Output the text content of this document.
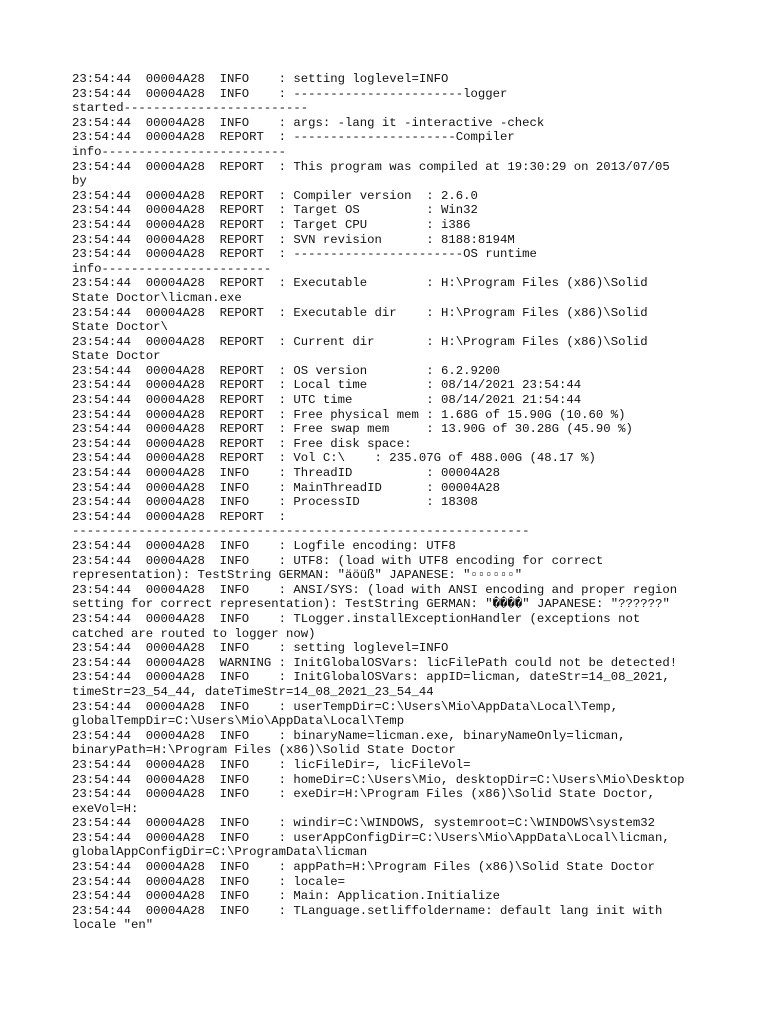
23:54:44  00004A28  INFO    : setting loglevel=INFO
23:54:44  00004A28  INFO    : -----------------------logger
started-------------------------
23:54:44  00004A28  INFO    : args: -lang it -interactive -check
23:54:44  00004A28  REPORT  : ----------------------Compiler
info-------------------------
23:54:44  00004A28  REPORT  : This program was compiled at 19:30:29 on 2013/07/05
by
23:54:44  00004A28  REPORT  : Compiler version  : 2.6.0
23:54:44  00004A28  REPORT  : Target OS         : Win32
23:54:44  00004A28  REPORT  : Target CPU        : i386
23:54:44  00004A28  REPORT  : SVN revision      : 8188:8194M
23:54:44  00004A28  REPORT  : -----------------------OS runtime
info-----------------------
23:54:44  00004A28  REPORT  : Executable        : H:\Program Files (x86)\Solid
State Doctor\licman.exe
23:54:44  00004A28  REPORT  : Executable dir    : H:\Program Files (x86)\Solid
State Doctor\
23:54:44  00004A28  REPORT  : Current dir       : H:\Program Files (x86)\Solid
State Doctor
23:54:44  00004A28  REPORT  : OS version        : 6.2.9200
23:54:44  00004A28  REPORT  : Local time        : 08/14/2021 23:54:44
23:54:44  00004A28  REPORT  : UTC time          : 08/14/2021 21:54:44
23:54:44  00004A28  REPORT  : Free physical mem : 1.68G of 15.90G (10.60 %)
23:54:44  00004A28  REPORT  : Free swap mem     : 13.90G of 30.28G (45.90 %)
23:54:44  00004A28  REPORT  : Free disk space:
23:54:44  00004A28  REPORT  : Vol C:\    : 235.07G of 488.00G (48.17 %)
23:54:44  00004A28  INFO    : ThreadID          : 00004A28
23:54:44  00004A28  INFO    : MainThreadID      : 00004A28
23:54:44  00004A28  INFO    : ProcessID         : 18308
23:54:44  00004A28  REPORT  :
--------------------------------------------------------------
23:54:44  00004A28  INFO    : Logfile encoding: UTF8
23:54:44  00004A28  INFO    : UTF8: (load with UTF8 encoding for correct
representation): TestString GERMAN: "äöüß" JAPANESE: "▫▫▫▫▫▫"
23:54:44  00004A28  INFO    : ANSI/SYS: (load with ANSI encoding and proper region
setting for correct representation): TestString GERMAN: "����" JAPANESE: "??????"
23:54:44  00004A28  INFO    : TLogger.installExceptionHandler (exceptions not
catched are routed to logger now)
23:54:44  00004A28  INFO    : setting loglevel=INFO
23:54:44  00004A28  WARNING : InitGlobalOSVars: licFilePath could not be detected!
23:54:44  00004A28  INFO    : InitGlobalOSVars: appID=licman, dateStr=14_08_2021,
timeStr=23_54_44, dateTimeStr=14_08_2021_23_54_44
23:54:44  00004A28  INFO    : userTempDir=C:\Users\Mio\AppData\Local\Temp,
globalTempDir=C:\Users\Mio\AppData\Local\Temp
23:54:44  00004A28  INFO    : binaryName=licman.exe, binaryNameOnly=licman,
binaryPath=H:\Program Files (x86)\Solid State Doctor
23:54:44  00004A28  INFO    : licFileDir=, licFileVol=
23:54:44  00004A28  INFO    : homeDir=C:\Users\Mio, desktopDir=C:\Users\Mio\Desktop
23:54:44  00004A28  INFO    : exeDir=H:\Program Files (x86)\Solid State Doctor,
exeVol=H:
23:54:44  00004A28  INFO    : windir=C:\WINDOWS, systemroot=C:\WINDOWS\system32
23:54:44  00004A28  INFO    : userAppConfigDir=C:\Users\Mio\AppData\Local\licman,
globalAppConfigDir=C:\ProgramData\licman
23:54:44  00004A28  INFO    : appPath=H:\Program Files (x86)\Solid State Doctor
23:54:44  00004A28  INFO    : locale=
23:54:44  00004A28  INFO    : Main: Application.Initialize
23:54:44  00004A28  INFO    : TLanguage.setliffoldername: default lang init with
locale "en"
